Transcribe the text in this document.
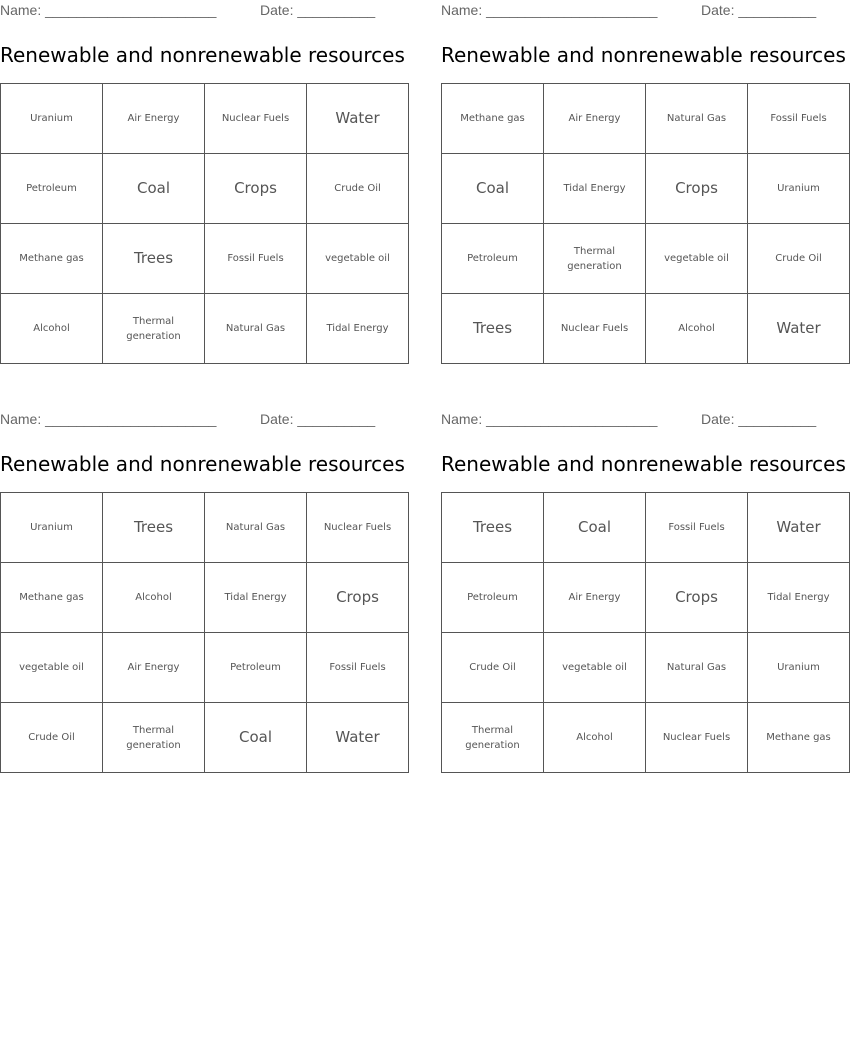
Name: ______________________	Date: __________
Renewable and nonrenewable resources
Uranium	Air Energy	Nuclear Fuels	Water
Petroleum	Coal	Crops	Crude Oil
Methane gas	Trees	Fossil Fuels	vegetable oil
Alcohol	Thermal generation	Natural Gas	Tidal Energy
Name: ______________________	Date: __________
Renewable and nonrenewable resources
Methane gas	Air Energy	Natural Gas	Fossil Fuels
Coal	Tidal Energy	Crops	Uranium
Petroleum	Thermal generation	vegetable oil	Crude Oil
Trees	Nuclear Fuels	Alcohol	Water
Name: ______________________	Date: __________
Renewable and nonrenewable resources
Uranium	Trees	Natural Gas	Nuclear Fuels
Methane gas	Alcohol	Tidal Energy	Crops
vegetable oil	Air Energy	Petroleum	Fossil Fuels
Crude Oil	Thermal generation	Coal	Water
Name: ______________________	Date: __________
Renewable and nonrenewable resources
Trees	Coal	Fossil Fuels	Water
Petroleum	Air Energy	Crops	Tidal Energy
Crude Oil	vegetable oil	Natural Gas	Uranium
Thermal generation	Alcohol	Nuclear Fuels	Methane gas
